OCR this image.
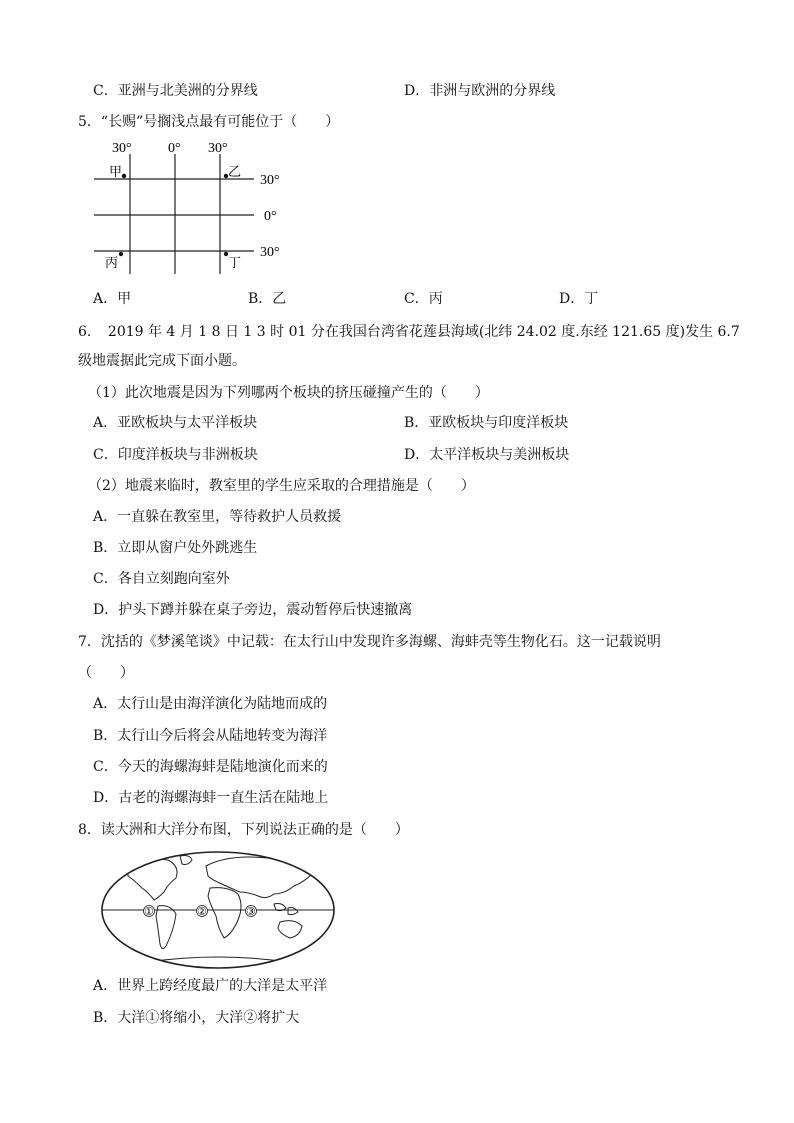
C．亚洲与北美洲的分界线	D．非洲与欧洲的分界线
5．“长赐”号搁浅点最有可能位于（　　）
30°	0° 30°
30°
0°
30°
甲	乙
丙	丁
A．甲	B．乙	C．丙	D．丁
6．　2019 年 4 月 1 8 日 1 3 时 01 分在我国台湾省花莲县海域(北纬 24.02 度.东经 121.65 度)发生 6.7
级地震据此完成下面小题。
（1）此次地震是因为下列哪两个板块的挤压碰撞产生的（　　）
A．亚欧板块与太平洋板块	B．亚欧板块与印度洋板块
C．印度洋板块与非洲板块	D．太平洋板块与美洲板块
（2）地震来临时，教室里的学生应采取的合理措施是（　　）
A．一直躲在教室里，等待救护人员救援
B．立即从窗户处外跳逃生
C．各自立刻跑向室外
D．护头下蹲并躲在桌子旁边，震动暂停后快速撤离
7．沈括的《梦溪笔谈》中记载：在太行山中发现许多海螺、海蚌壳等生物化石。这一记载说明
（　　）
A．太行山是由海洋演化为陆地而成的
B．太行山今后将会从陆地转变为海洋
C．今天的海螺海蚌是陆地演化而来的
D．古老的海螺海蚌一直生活在陆地上
8．读大洲和大洋分布图，下列说法正确的是（　　）
①	②	③
A．世界上跨经度最广的大洋是太平洋
B．大洋①将缩小，大洋②将扩大
